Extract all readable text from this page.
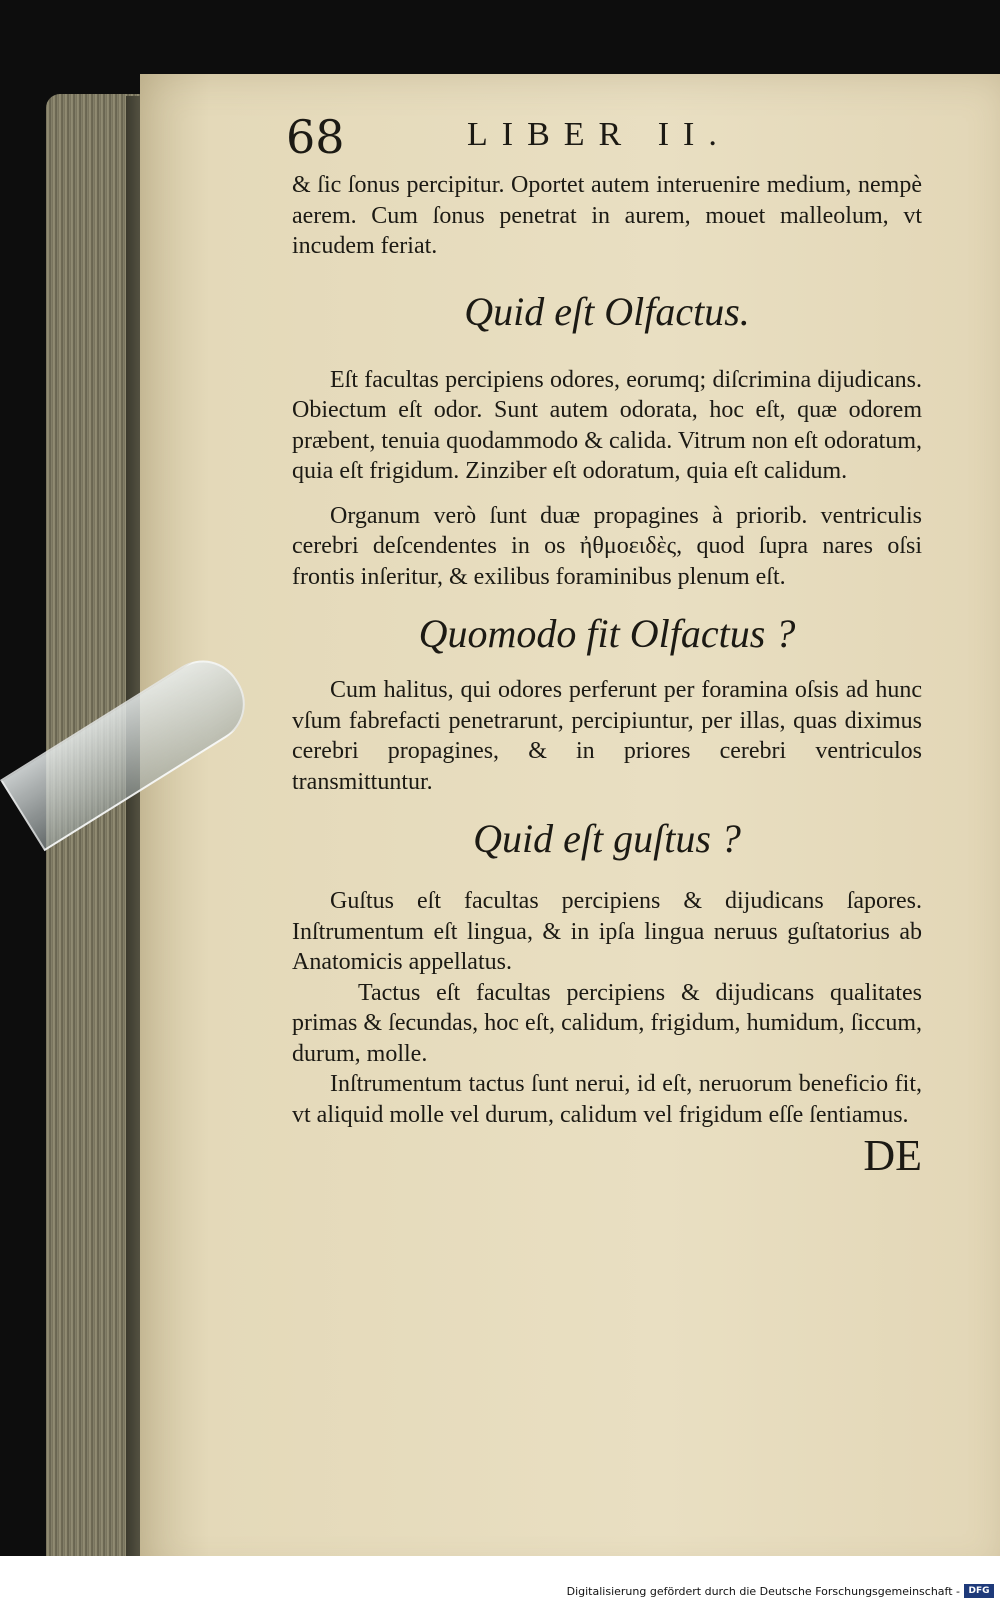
68	LIBER II.

& ſic ſonus percipitur. Oportet autem interuenire medium, nempè aerem. Cum ſonus penetrat in aurem, mouet malleolum, vt incudem feriat.

Quid eſt Olfactus.

Eſt facultas percipiens odores, eorumq; diſcrimina dijudicans. Obiectum eſt odor. Sunt autem odorata, hoc eſt, quæ odorem præbent, tenuia quodammodo & calida. Vitrum non eſt odoratum, quia eſt frigidum. Zinziber eſt odoratum, quia eſt calidum.

Organum verò ſunt duæ propagines à priorib. ventriculis cerebri deſcendentes in os ἠθμοειδὲς, quod ſupra nares oſsi frontis inſeritur, & exilibus foraminibus plenum eſt.

Quomodo fit Olfactus ?

Cum halitus, qui odores perferunt per foramina oſsis ad hunc vſum fabrefacti penetrarunt, percipiuntur, per illas, quas diximus cerebri propagines, & in priores cerebri ventriculos transmittuntur.

Quid eſt guſtus ?

Guſtus eſt facultas percipiens & dijudicans ſapores. Inſtrumentum eſt lingua, & in ipſa lingua neruus guſtatorius ab Anatomicis appellatus.

Tactus eſt facultas percipiens & dijudicans qualitates primas & ſecundas, hoc eſt, calidum, frigidum, humidum, ſiccum, durum, molle.

Inſtrumentum tactus ſunt nerui, id eſt, neruorum beneficio fit, vt aliquid molle vel durum, calidum vel frigidum eſſe ſentiamus.

DE
Digitalisierung gefördert durch die Deutsche Forschungsgemeinschaft - DFG
